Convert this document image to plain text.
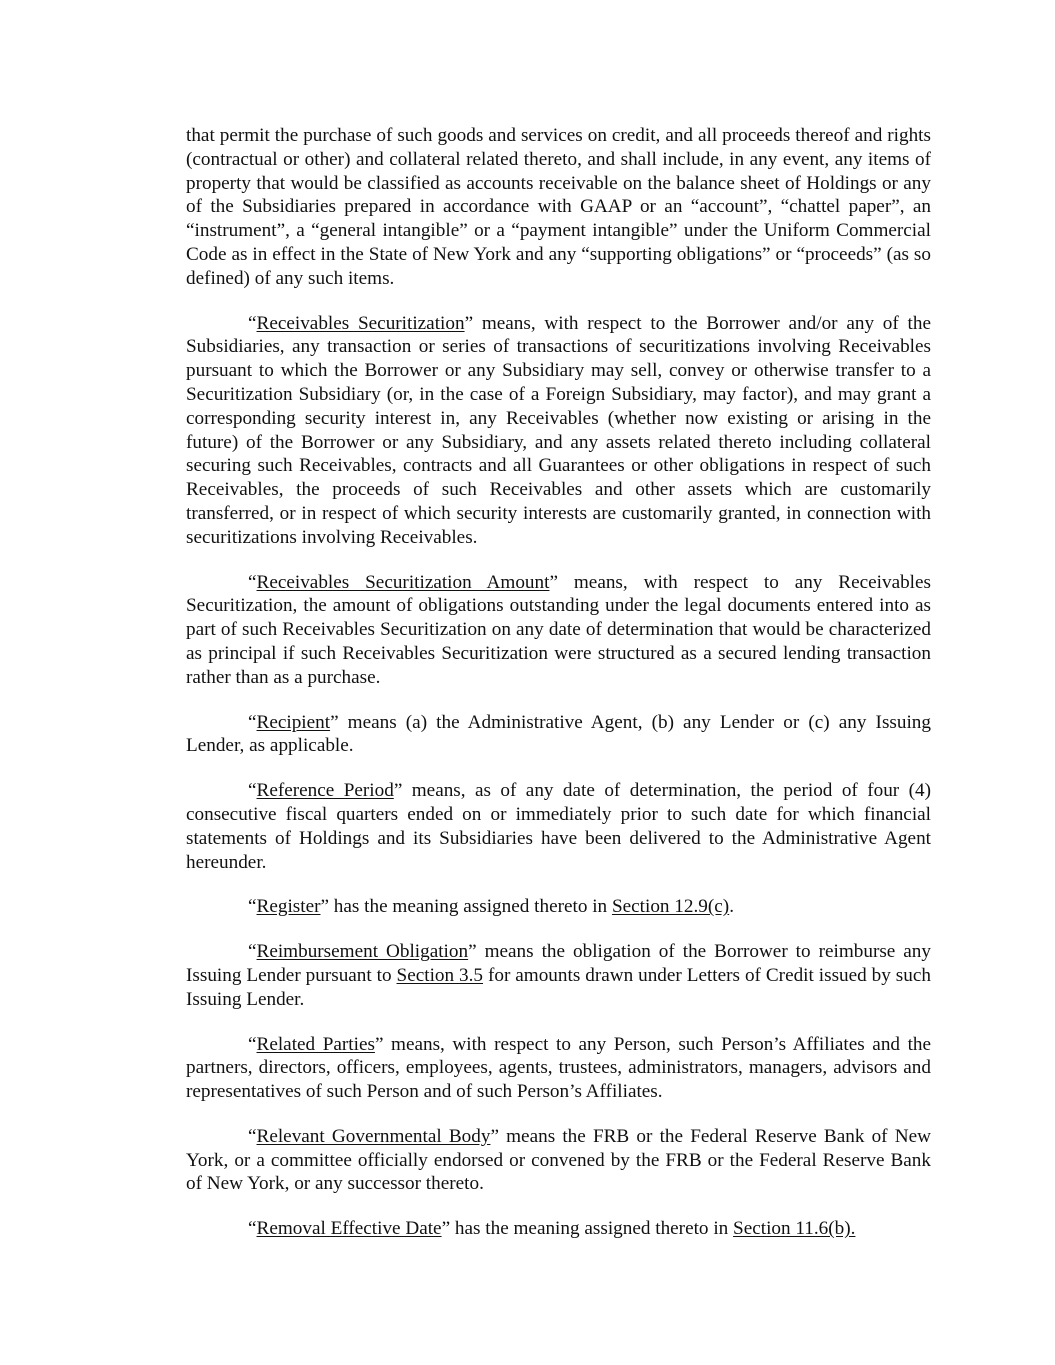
that permit the purchase of such goods and services on credit, and all proceeds thereof and rights (contractual or other) and collateral related thereto, and shall include, in any event, any items of property that would be classified as accounts receivable on the balance sheet of Holdings or any of the Subsidiaries prepared in accordance with GAAP or an “account”, “chattel paper”, an “instrument”, a “general intangible” or a “payment intangible” under the Uniform Commercial Code as in effect in the State of New York and any “supporting obligations” or “proceeds” (as so defined) of any such items.

“Receivables Securitization” means, with respect to the Borrower and/or any of the Subsidiaries, any transaction or series of transactions of securitizations involving Receivables pursuant to which the Borrower or any Subsidiary may sell, convey or otherwise transfer to a Securitization Subsidiary (or, in the case of a Foreign Subsidiary, may factor), and may grant a corresponding security interest in, any Receivables (whether now existing or arising in the future) of the Borrower or any Subsidiary, and any assets related thereto including collateral securing such Receivables, contracts and all Guarantees or other obligations in respect of such Receivables, the proceeds of such Receivables and other assets which are customarily transferred, or in respect of which security interests are customarily granted, in connection with securitizations involving Receivables.

“Receivables Securitization Amount” means, with respect to any Receivables Securitization, the amount of obligations outstanding under the legal documents entered into as part of such Receivables Securitization on any date of determination that would be characterized as principal if such Receivables Securitization were structured as a secured lending transaction rather than as a purchase.

“Recipient” means (a) the Administrative Agent, (b) any Lender or (c) any Issuing Lender, as applicable.

“Reference Period” means, as of any date of determination, the period of four (4) consecutive fiscal quarters ended on or immediately prior to such date for which financial statements of Holdings and its Subsidiaries have been delivered to the Administrative Agent hereunder.

“Register” has the meaning assigned thereto in Section 12.9(c).

“Reimbursement Obligation” means the obligation of the Borrower to reimburse any Issuing Lender pursuant to Section 3.5 for amounts drawn under Letters of Credit issued by such Issuing Lender.

“Related Parties” means, with respect to any Person, such Person’s Affiliates and the partners, directors, officers, employees, agents, trustees, administrators, managers, advisors and representatives of such Person and of such Person’s Affiliates.

“Relevant Governmental Body” means the FRB or the Federal Reserve Bank of New York, or a committee officially endorsed or convened by the FRB or the Federal Reserve Bank of New York, or any successor thereto.

“Removal Effective Date” has the meaning assigned thereto in Section 11.6(b).
